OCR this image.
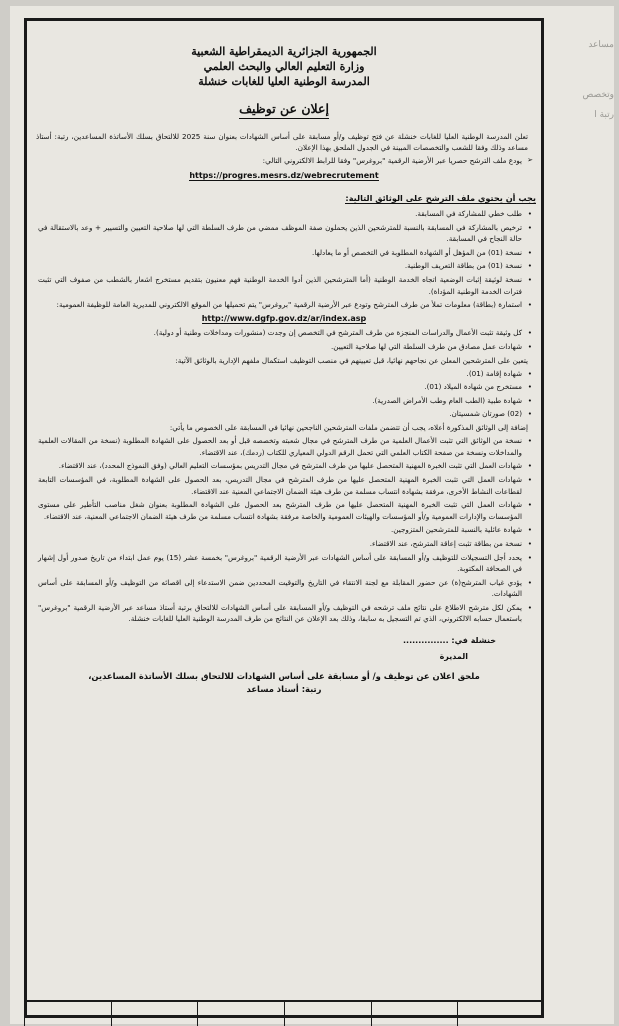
مساعد
وتخصص
رتبة أ
الجمهورية الجزائرية الديمقراطية الشعبية
وزارة التعليم العالي والبحث العلمي
المدرسة الوطنية العليا للغابات خنشلة
إعلان عن توظيف

تعلن المدرسة الوطنية العليا للغابات خنشلة عن فتح توظيف و/أو مسابقة على أساس الشهادات بعنوان سنة 2025 للالتحاق بسلك الأساتذة المساعدين، رتبة: أستاذ مساعد وذلك وفقا للشعب والتخصصات المبينة في الجدول الملحق بهذا الإعلان.

➢ يودع ملف الترشح حصريا عبر الأرضية الرقمية "بروغرس" وفقا للرابط الالكتروني التالي:
https://progres.mesrs.dz/webrecrutement
يجب أن يحتوي ملف الترشح على الوثائق التالية:
• طلب خطي للمشاركة في المسابقة.
• ترخيص بالمشاركة في المسابقة بالنسبة للمترشحين الذين يحملون صفة الموظف ممضي من طرف السلطة التي لها صلاحية التعيين والتسيير + وعد بالاستقالة في حالة النجاح في المسابقة.
• نسخة (01) من المؤهل أو الشهادة المطلوبة في التخصص أو ما يعادلها.
• نسخة (01) من بطاقة التعريف الوطنية.
• نسخة لوثيقة إثبات الوضعية اتجاه الخدمة الوطنية (أما المترشحين الذين أدوا الخدمة الوطنية فهم معنيون بتقديم مستخرج اشعار بالشطب من صفوف التي تثبت فترات الخدمة الوطنية المؤداة).
• استمارة (بطاقة) معلومات تملأ من طرف المترشح وتودع عبر الأرضية الرقمية "بروغرس" يتم تحميلها من الموقع الالكتروني للمديرية العامة للوظيفة العمومية:
http://www.dgfp.gov.dz/ar/index.asp
• كل وثيقة تثبت الأعمال والدراسات المنجزة من طرف المترشح في التخصص إن وجدت (منشورات ومداخلات وطنية أو دولية).
• شهادات عمل مصادق من طرف السلطة التي لها صلاحية التعيين.

يتعين على المترشحين المعلن عن نجاحهم نهائيا، قبل تعيينهم في منصب التوظيف استكمال ملفهم الإدارية بالوثائق الآتية:

• شهادة إقامة (01).
• مستخرج من شهادة الميلاد (01).
• شهادة طبية (الطب العام وطب الأمراض الصدرية).
• (02) صورتان شمسيتان.

إضافة إلى الوثائق المذكورة أعلاه، يجب أن تتضمن ملفات المترشحين الناجحين نهائيا في المسابقة على الخصوص ما يأتي:

• نسخة من الوثائق التي تثبت الأعمال العلمية من طرف المترشح في مجال شعبته وتخصصه قبل أو بعد الحصول على الشهادة المطلوبة (نسخة من المقالات العلمية والمداخلات ونسخة من صفحة الكتاب العلمي التي تحمل الرقم الدولي المعياري للكتاب (ردمك)، عند الاقتضاء.
• شهادات العمل التي تثبت الخبرة المهنية المتحصل عليها من طرف المترشح في مجال التدريس بمؤسسات التعليم العالي (وفق النموذج المحدد)، عند الاقتضاء.
• شهادات العمل التي تثبت الخبرة المهنية المتحصل عليها من طرف المترشح في مجال التدريس، بعد الحصول على الشهادة المطلوبة، في المؤسسات التابعة لقطاعات النشاط الأخرى، مرفقة بشهادة انتساب مسلمة من طرف هيئة الضمان الاجتماعي المعنية عند الاقتضاء.
• شهادات العمل التي تثبت الخبرة المهنية المتحصل عليها من طرف المترشح بعد الحصول على الشهادة المطلوبة بعنوان شغل مناصب التأطير على مستوى المؤسسات والإدارات العمومية و/أو المؤسسات والهيئات العمومية والخاصة مرفقة بشهادة انتساب مسلمة من طرف هيئة الضمان الاجتماعي المعنية، عند الاقتضاء.
• شهادة عائلية بالنسبة للمترشحين المتزوجين.
• نسخة من بطاقة تثبت إعاقة المترشح، عند الاقتضاء.
• يحدد أجل التسجيلات للتوظيف و/أو المسابقة على أساس الشهادات عبر الأرضية الرقمية "بروغرس" بخمسة عشر (15) يوم عمل ابتداء من تاريخ صدور أول إشهار في الصحافة المكتوبة.
• يؤدي غياب المترشح(ة) عن حضور المقابلة مع لجنة الانتقاء في التاريخ والتوقيت المحددين ضمن الاستدعاء إلى اقصائه من التوظيف و/أو المسابقة على أساس الشهادات.
• يمكن لكل مترشح الاطلاع على نتائج ملف ترشحه في التوظيف و/أو المسابقة على أساس الشهادات للالتحاق برتبة أستاذ مساعد عبر الأرضية الرقمية "بروغرس" باستعمال حسابه الالكتروني، الذي تم التسجيل به سابقا، وذلك بعد الإعلان عن النتائج من طرف المدرسة الوطنية العليا للغابات خنشلة.
خنشلة في: ...............
المديرة
ملحق اعلان عن توظيف و/ أو مسابقة على أساس الشهادات للالتحاق بسلك الأساتذة المساعدين،
رتبة: أستاذ مساعد
